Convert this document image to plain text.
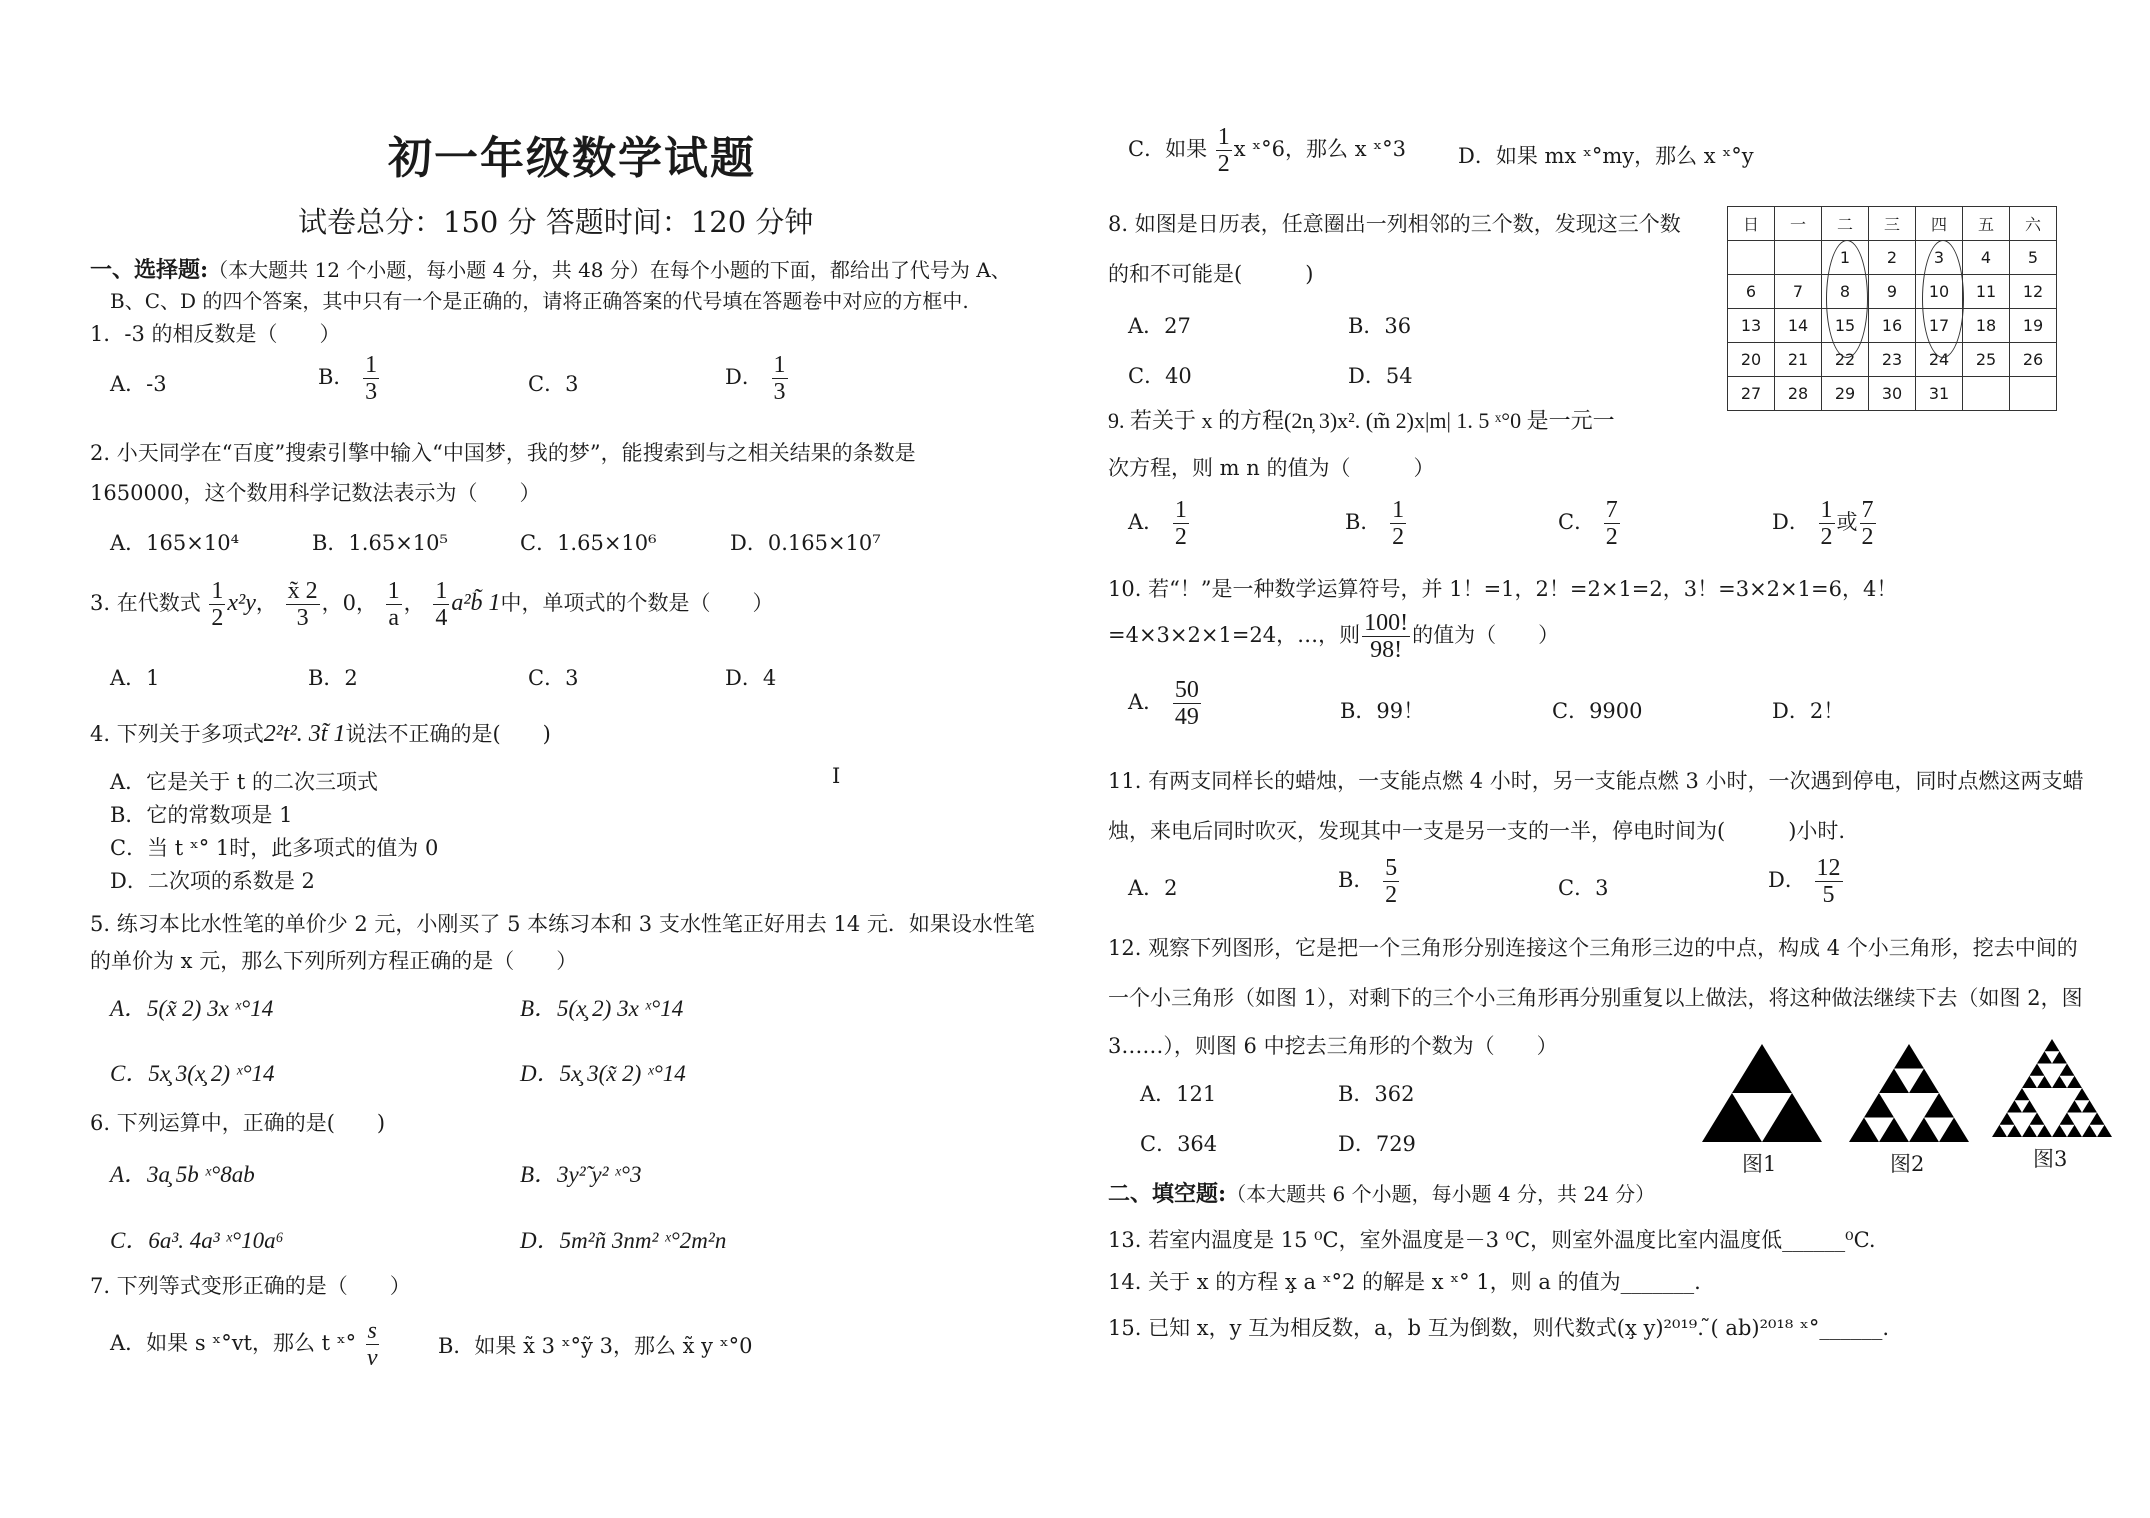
初一年级数学试题
试卷总分：150 分 答题时间：120 分钟
一、选择题:（本大题共 12 个小题，每小题 4 分，共 48 分）在每个小题的下面，都给出了代号为 A、
B、C、D 的四个答案，其中只有一个是正确的，请将正确答案的代号填在答题卷中对应的方框中.
1．-3 的相反数是（　　）
A．-3	B． $\frac{1}{3}$	C．3	D． $\frac{1}{3}$
2. 小天同学在“百度”搜索引擎中输入“中国梦，我的梦”，能搜索到与之相关结果的条数是
1650000，这个数用科学记数法表示为（　　）
A．165×10⁴	B．1.65×10⁵	C．1.65×10⁶	D．0.165×10⁷
3. 在代数式 $\frac{1}{2} x^2y$， $\frac{x̃ 2}{3}$ ，0， $\frac{1}{a}$ ， $\frac{1}{4}$ a²b̃ 1中，单项式的个数是（　　）
A．1	B．2	C．3	D．4
4. 下列关于多项式2²t². 3t̃ 1说法不正确的是(　　)
A．它是关于 t 的二次三项式
B．它的常数项是 1
C．当 t ˣ° 1时，此多项式的值为 0
D．二次项的系数是 2
I
5. 练习本比水性笔的单价少 2 元，小刚买了 5 本练习本和 3 支水性笔正好用去 14 元．如果设水性笔
的单价为 x 元，那么下列所列方程正确的是（　　）
A．5(x̃ 2) 3x ˣ°14	B．5(x̧ 2) 3x ˣ°14
C．5x̧ 3(x̧ 2) ˣ°14	D．5x̧ 3(x̃ 2) ˣ°14
6. 下列运算中，正确的是(　　)
A．3a̧ 5b ˣ°8ab	B．3y²̃ y² ˣ°3
C．6a³. 4a³ ˣ°10a⁶	D．5m²ñ 3nm² ˣ°2m²n
7. 下列等式变形正确的是（　　）
A．如果 s ˣ°vt，那么 t ˣ° $\frac{s}{v}$	B．如果 x̃ 3 ˣ°ỹ 3，那么 x̃ y ˣ°0
C．如果 $\frac{1}{2}$ x ˣ°6，那么 x ˣ°3 D．如果 mx ˣ°my，那么 x ˣ°y
8. 如图是日历表，任意圈出一列相邻的三个数，发现这三个数
的和不可能是(　　　)
A．27	B．36
C．40	D．54
日	一	二	三	四	五	六
		1	2	3	4	5
6	7	8	9	10	11	12
13	14	15	16	17	18	19
20	21	22	23	24	25	26
27	28	29	30	31		
9. 若关于 x 的方程(2n̦ 3)x². (m̃ 2)x|m| 1. 5 ˣ°0 是一元一
次方程，则 m n 的值为（　　　）
A． $\frac{1}{2}$	B． $\frac{1}{2}$	C． $\frac{7}{2}$	D． $\frac{1}{2}$ 或 $\frac{7}{2}$
10. 若“！”是一种数学运算符号，并 1！=1，2！=2×1=2，3！=3×2×1=6，4！
=4×3×2×1=24，…，则 $\frac{100!}{98!}$ 的值为（　　）
A． $\frac{50}{49}$	B．99！	C．9900	D．2！
11. 有两支同样长的蜡烛，一支能点燃 4 小时，另一支能点燃 3 小时，一次遇到停电，同时点燃这两支蜡
烛，来电后同时吹灭，发现其中一支是另一支的一半，停电时间为(　　　)小时.
A．2	B． $\frac{5}{2}$	C．3	D． $\frac{12}{5}$
12. 观察下列图形，它是把一个三角形分别连接这个三角形三边的中点，构成 4 个小三角形，挖去中间的
一个小三角形（如图 1），对剩下的三个小三角形再分别重复以上做法，将这种做法继续下去（如图 2，图
3……），则图 6 中挖去三角形的个数为（　　）
A．121	B．362
C．364	D．729
图1	图2	图3
二、填空题:（本大题共 6 个小题，每小题 4 分，共 24 分）
13. 若室内温度是 15 ⁰C，室外温度是－3 ⁰C，则室外温度比室内温度低______⁰C.
14. 关于 x 的方程 x̧ a ˣ°2 的解是 x ˣ° 1，则 a 的值为_______.
15. 已知 x，y 互为相反数，a，b 互为倒数，则代数式(x̧ y)²⁰¹⁹. ̃( ab)²⁰¹⁸ ˣ°______.
